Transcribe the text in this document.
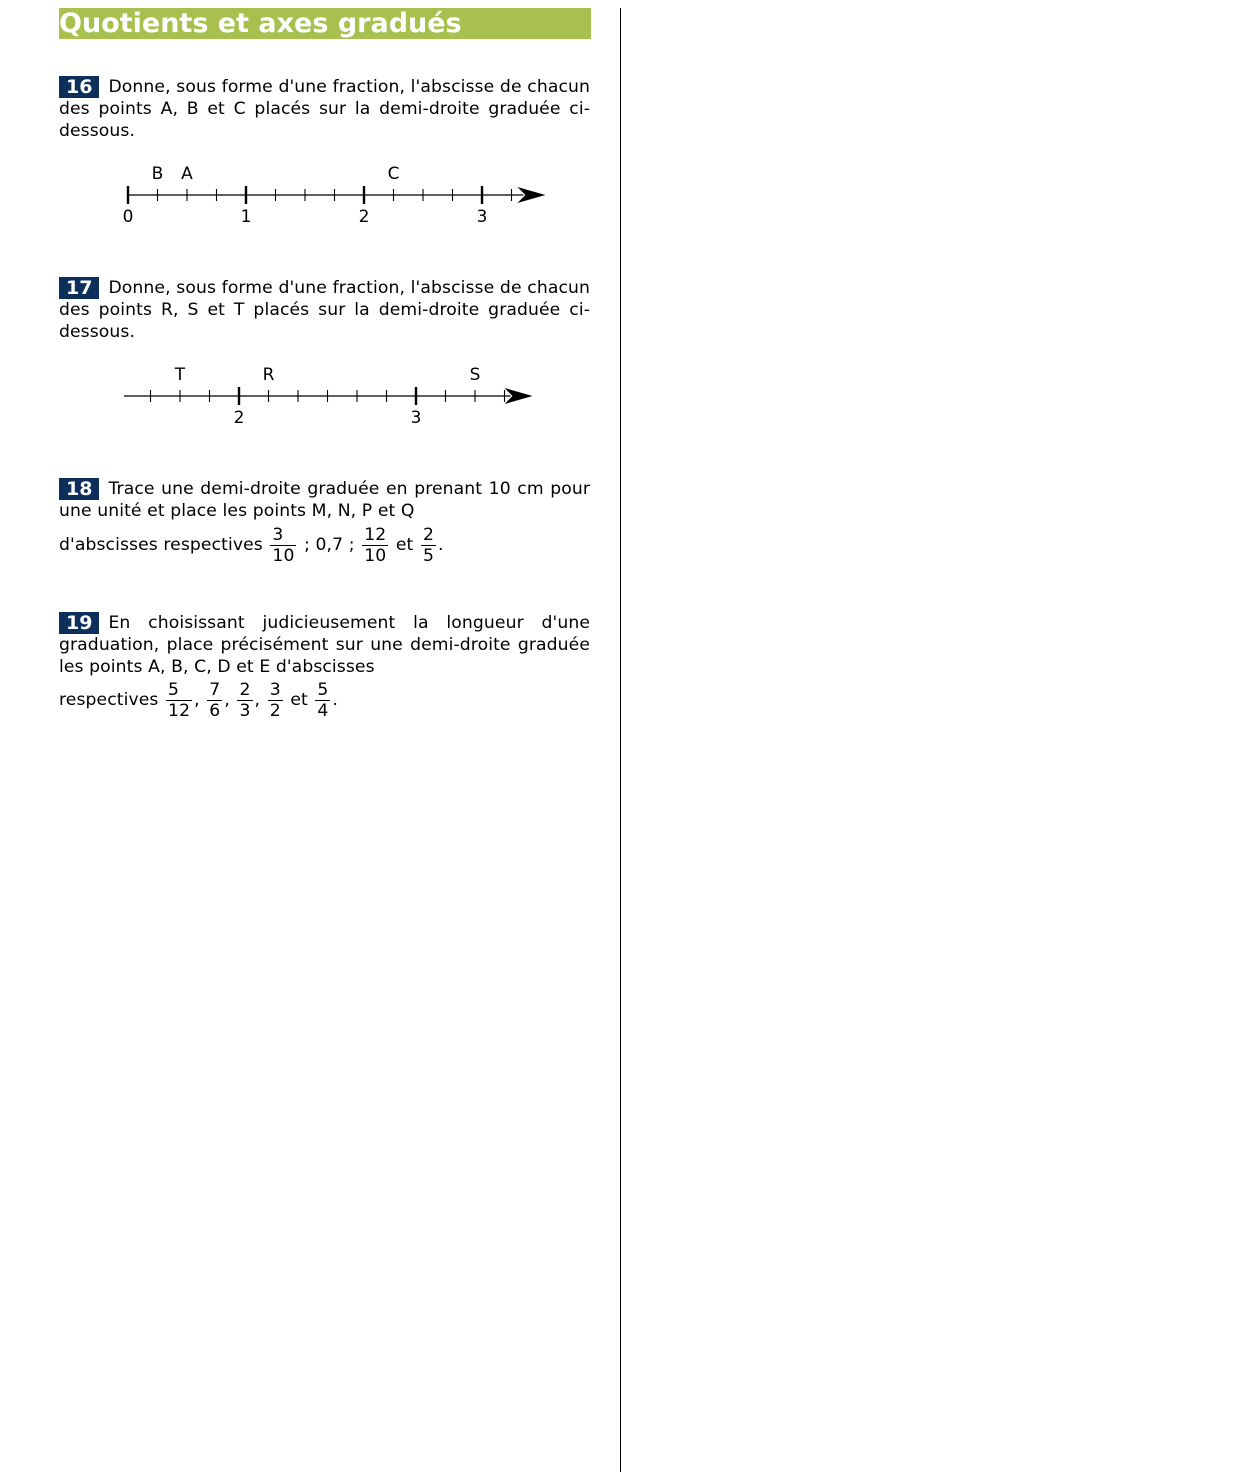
Quotients et axes gradués
16 Donne, sous forme d'une fraction, l'abscisse de chacun des points A, B et C placés sur la demi-droite graduée ci-dessous.
0	1	2	3
B A	C
17 Donne, sous forme d'une fraction, l'abscisse de chacun des points R, S et T placés sur la demi-droite graduée ci-dessous.
2	3
T	R	S
18 Trace une demi-droite graduée en prenant 10 cm pour une unité et place les points M, N, P et Q
d'abscisses respectives $\frac{3}{10}$ ; 0,7 ; $\frac{12}{10}$ et $\frac{2}{5}$ .
19 En choisissant judicieusement la longueur d'une graduation, place précisément sur une demi-droite graduée les points A, B, C, D et E d'abscisses
respectives $\frac{5}{12}$ , $\frac{7}{6}$ , $\frac{2}{3}$ , $\frac{3}{2}$ et $\frac{5}{4}$ .
